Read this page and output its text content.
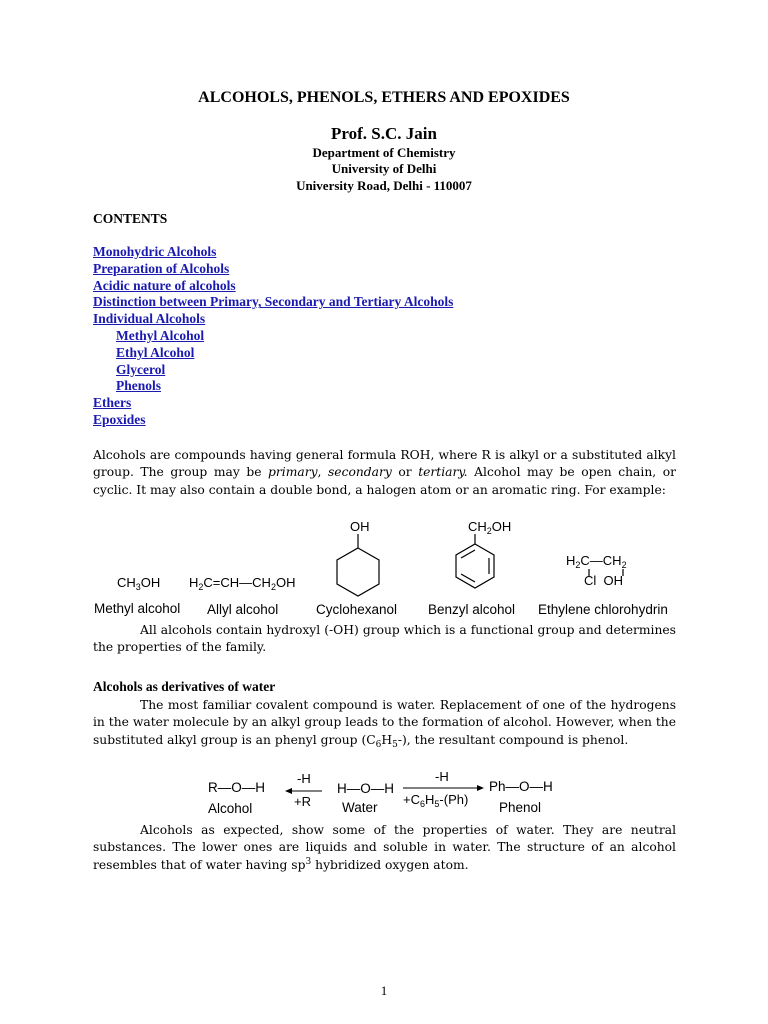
ALCOHOLS, PHENOLS, ETHERS AND EPOXIDES
Prof. S.C. Jain
Department of Chemistry
University of Delhi
University Road, Delhi - 110007
CONTENTS
Monohydric Alcohols
Preparation of Alcohols
Acidic nature of alcohols
Distinction between Primary, Secondary and Tertiary Alcohols
Individual Alcohols
Methyl Alcohol
Ethyl Alcohol
Glycerol
Phenols
Ethers
Epoxides
Alcohols are compounds having general formula ROH, where R is alkyl or a substituted alkyl group. The group may be primary, secondary or tertiary. Alcohol may be open chain, or cyclic. It may also contain a double bond, a halogen atom or an aromatic ring. For example:
$CH_3OH$ $H_2C=CH—CH_2OH$
OH	$CH_2OH$
$H_2C—CH_2$
Cl  OH
Methyl alcohol Allyl alcohol	Cyclohexanol Benzyl alcohol Ethylene chlorohydrin
All alcohols contain hydroxyl (-OH) group which is a functional group and determines the properties of the family.
Alcohols as derivatives of water
The most familiar covalent compound is water. Replacement of one of the hydrogens in the water molecule by an alkyl group leads to the formation of alcohol. However, when the substituted alkyl group is an phenyl group $(C_6H_5-)$, the resultant compound is phenol.
R—O—H
Alcohol
-H
+R
H—O—H
Water
-H
$+C_6H_5-(Ph)$
Ph—O—H
Phenol
Alcohols as expected, show some of the properties of water. They are neutral substances. The lower ones are liquids and soluble in water. The structure of an alcohol resembles that of water having $sp^3$ hybridized oxygen atom.
1
